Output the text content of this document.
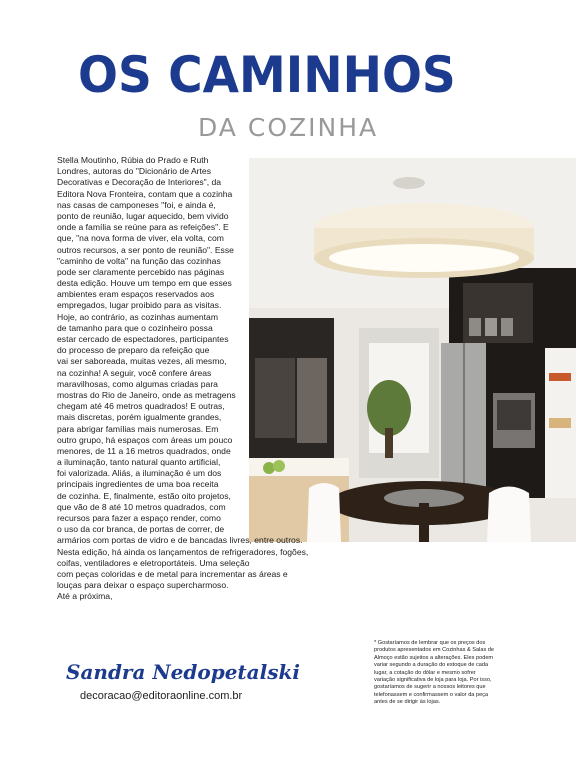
OS CAMINHOS
DA COZINHA
Stella Moutinho, Rúbia do Prado e Ruth
Londres, autoras do "Dicionário de Artes
Decorativas e Decoração de Interiores", da
Editora Nova Fronteira, contam que a cozinha
nas casas de camponeses "foi, e ainda é,
ponto de reunião, lugar aquecido, bem vivido
onde a família se reúne para as refeições". E
que, "na nova forma de viver, ela volta, com
outros recursos, a ser ponto de reunião". Esse
"caminho de volta" na função das cozinhas
pode ser claramente percebido nas páginas
desta edição. Houve um tempo em que esses
ambientes eram espaços reservados aos
empregados, lugar proibido para as visitas.
Hoje, ao contrário, as cozinhas aumentam
de tamanho para que o cozinheiro possa
estar cercado de espectadores, participantes
do processo de preparo da refeição que
vai ser saboreada, muitas vezes, ali mesmo,
na cozinha! A seguir, você confere áreas
maravilhosas, como algumas criadas para
mostras do Rio de Janeiro, onde as metragens
chegam até 46 metros quadrados! E outras,
mais discretas, porém igualmente grandes,
para abrigar famílias mais numerosas. Em
outro grupo, há espaços com áreas um pouco
menores, de 11 a 16 metros quadrados, onde
a iluminação, tanto natural quanto artificial,
foi valorizada. Aliás, a iluminação é um dos
principais ingredientes de uma boa receita
de cozinha. E, finalmente, estão oito projetos,
que vão de 8 até 10 metros quadrados, com
recursos para fazer a espaço render, como
o uso da cor branca, de portas de correr, de
armários com portas de vidro e de bancadas livres, entre outros.
Nesta edição, há ainda os lançamentos de refrigeradores, fogões,
coifas, ventiladores e eletroportáteis. Uma seleção
com peças coloridas e de metal para incrementar as áreas e
louças para deixar o espaço supercharmoso.
Até a próxima,
Sandra Nedopetalski
decoracao@editoraonline.com.br
* Gostaríamos de lembrar que os preços dos
produtos apresentados em Cozinhas & Salas de
Almoço estão sujeitos a alterações. Eles podem
variar segundo a duração do estoque de cada
lugar, a cotação do dólar e mesmo sofrer
variação significativa de loja para loja. Por isso,
gostaríamos de sugerir a nossos leitores que
telefonassem e confirmassem o valor da peça
antes de se dirigir às lojas.
